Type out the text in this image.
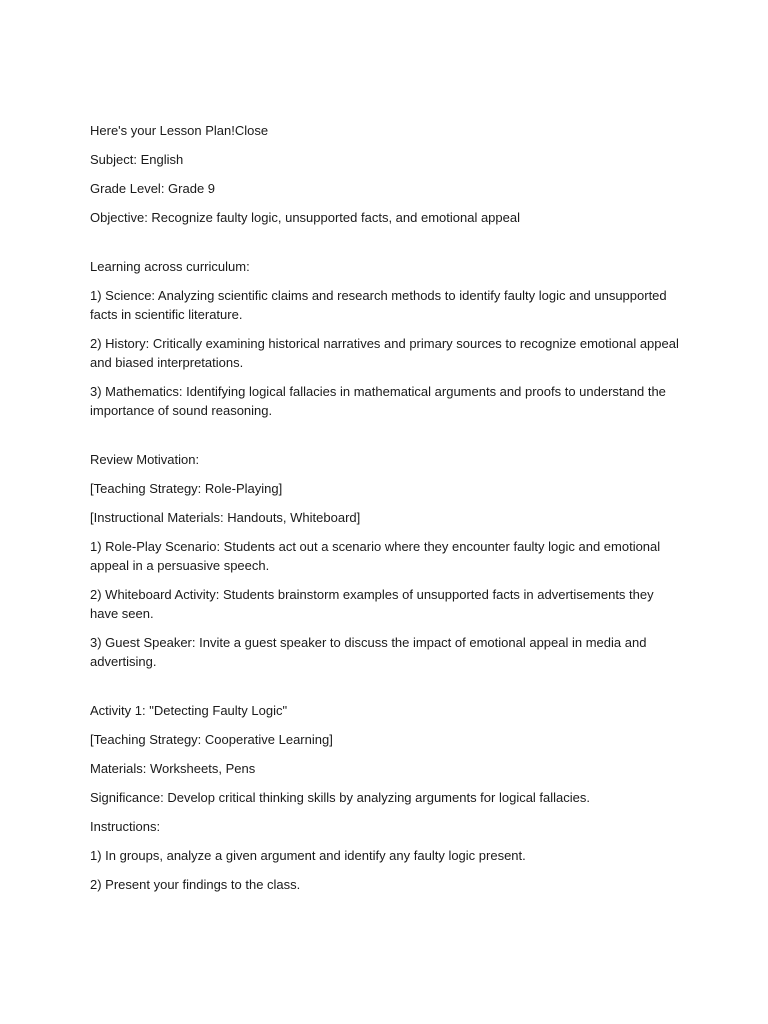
Here's your Lesson Plan!Close

Subject: English

Grade Level: Grade 9

Objective: Recognize faulty logic, unsupported facts, and emotional appeal

Learning across curriculum:

1) Science: Analyzing scientific claims and research methods to identify faulty logic and unsupported facts in scientific literature.

2) History: Critically examining historical narratives and primary sources to recognize emotional appeal and biased interpretations.

3) Mathematics: Identifying logical fallacies in mathematical arguments and proofs to understand the importance of sound reasoning.

Review Motivation:

[Teaching Strategy: Role-Playing]

[Instructional Materials: Handouts, Whiteboard]

1) Role-Play Scenario: Students act out a scenario where they encounter faulty logic and emotional appeal in a persuasive speech.

2) Whiteboard Activity: Students brainstorm examples of unsupported facts in advertisements they have seen.

3) Guest Speaker: Invite a guest speaker to discuss the impact of emotional appeal in media and advertising.

Activity 1: "Detecting Faulty Logic"

[Teaching Strategy: Cooperative Learning]

Materials: Worksheets, Pens

Significance: Develop critical thinking skills by analyzing arguments for logical fallacies.

Instructions:

1) In groups, analyze a given argument and identify any faulty logic present.

2) Present your findings to the class.
